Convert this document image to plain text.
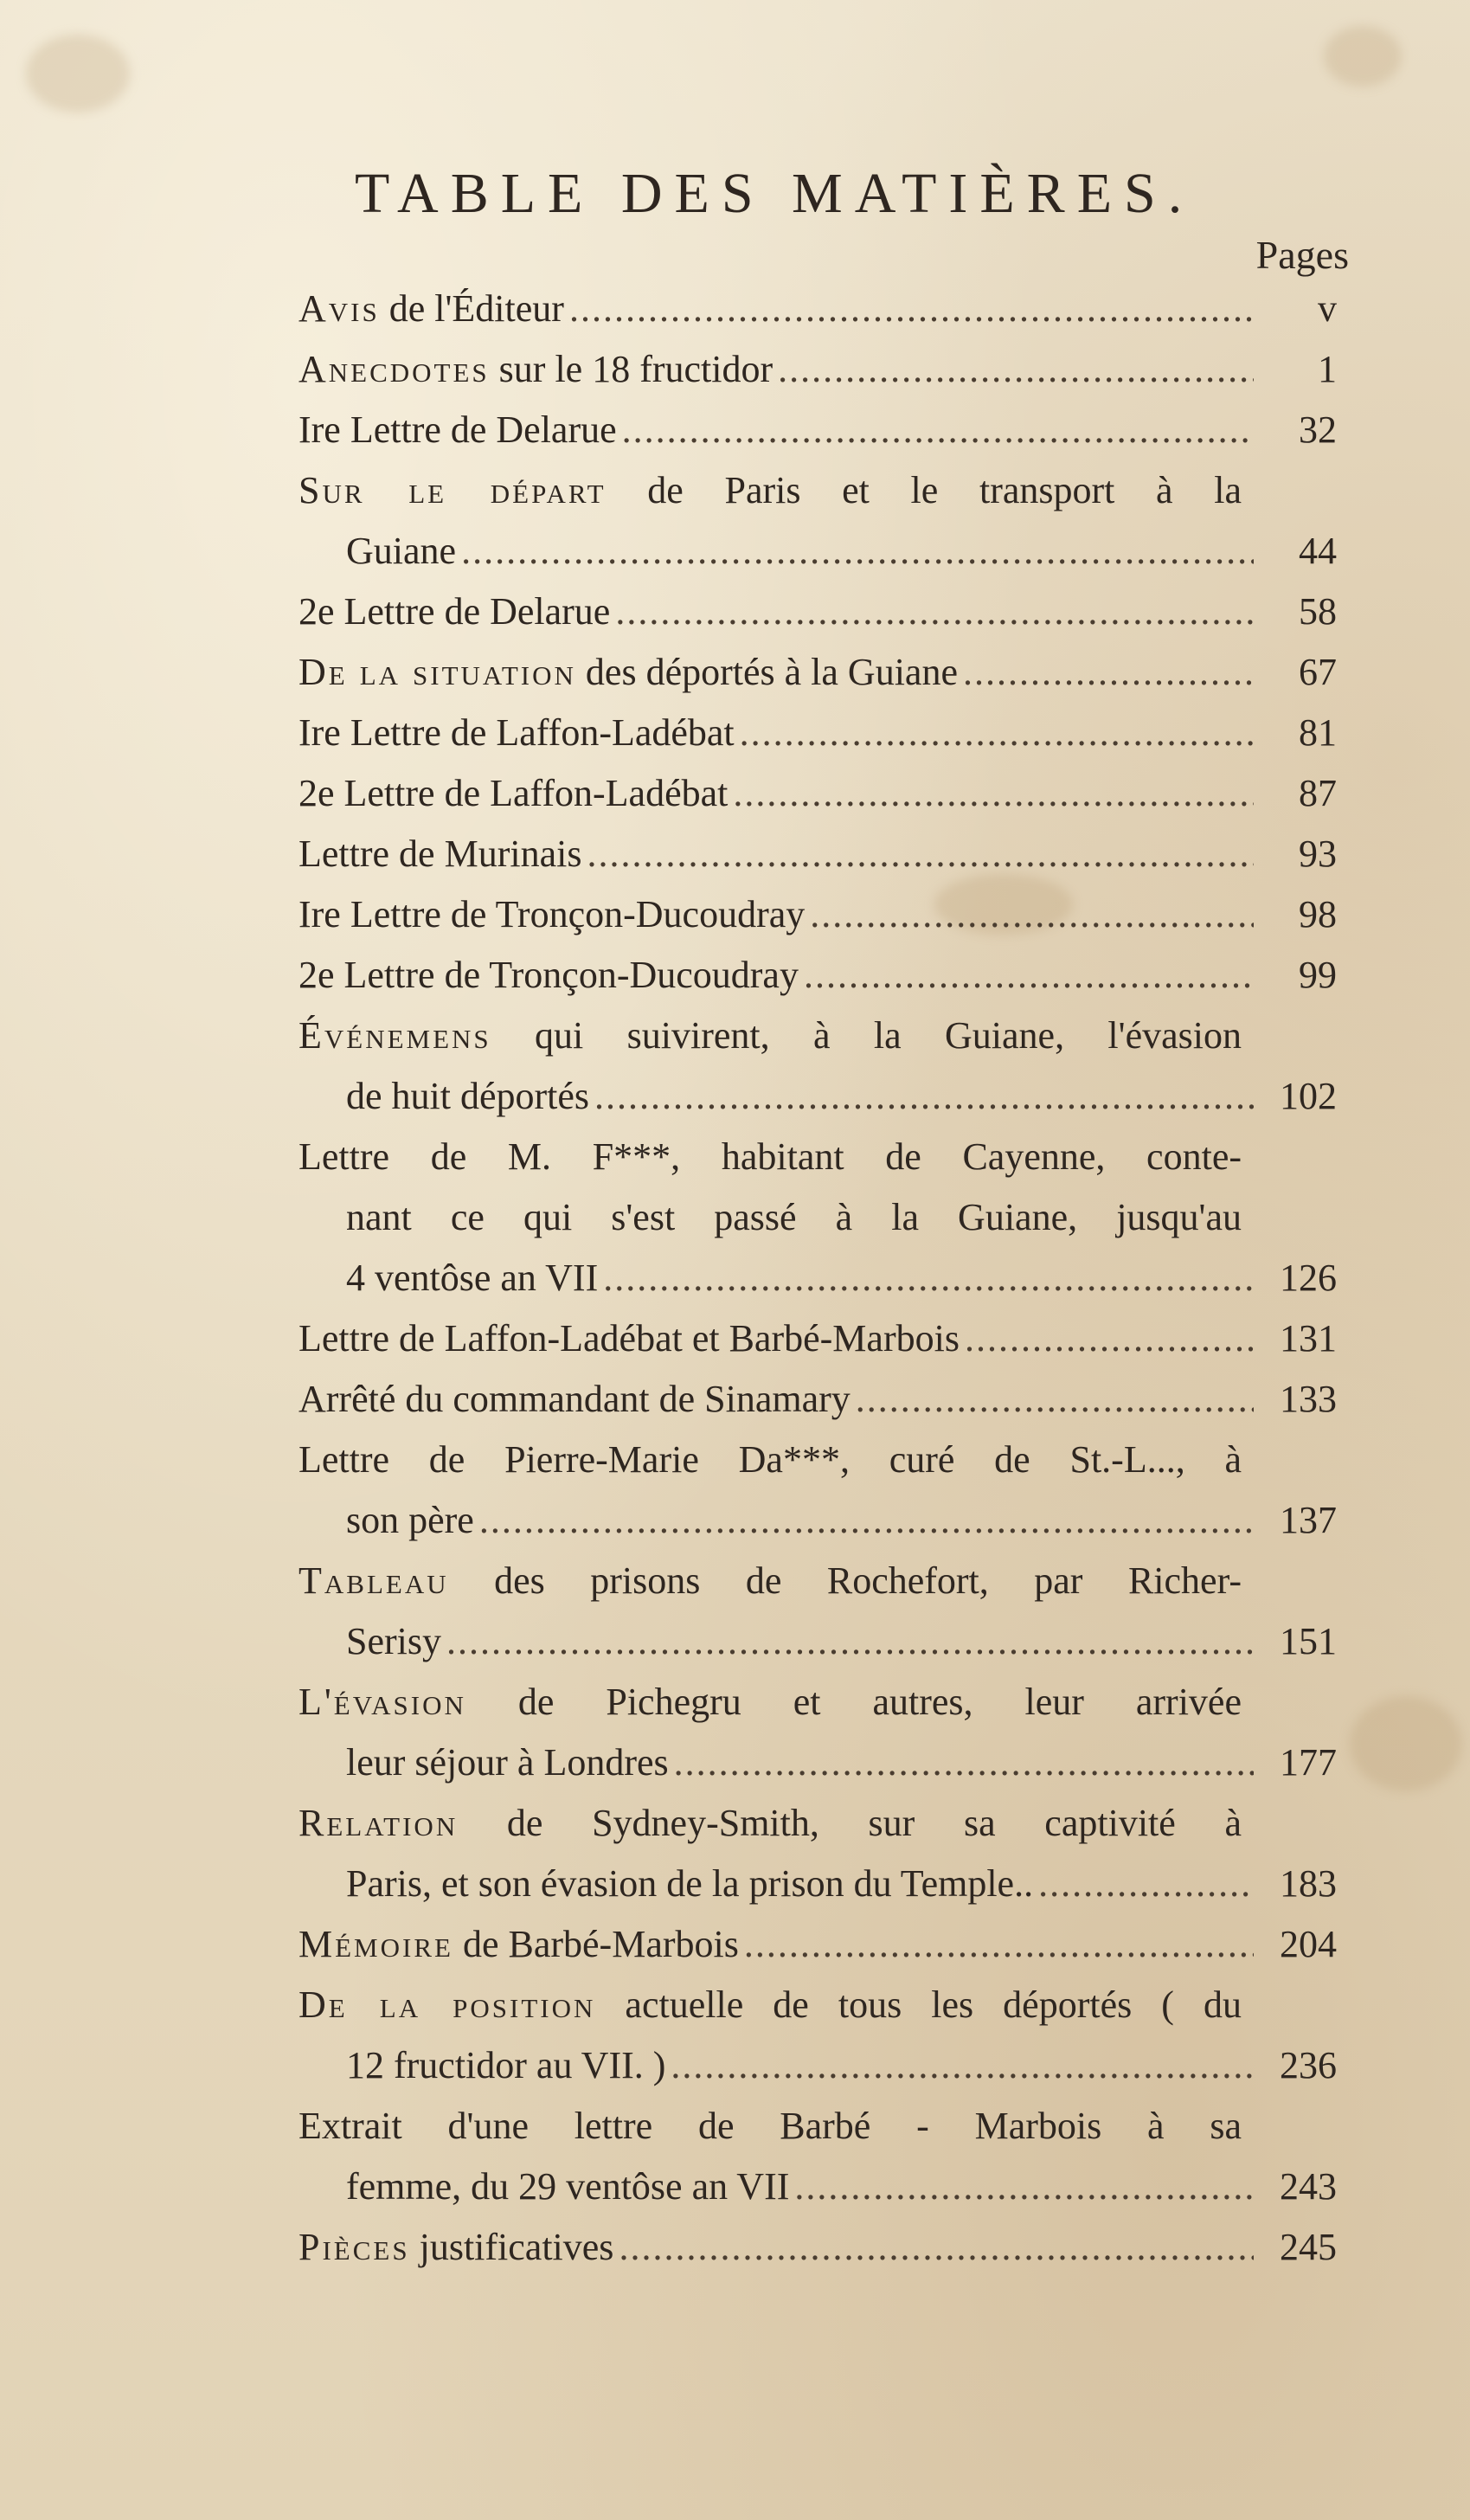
TABLE DES MATIÈRES.
Pages
Avis de l'Éditeur .....	v
Anecdotes sur le 18 fructidor .....	1
Ire Lettre de Delarue .....	32
Sur le départ de Paris et le transport à la
Guiane .....	44
2e Lettre de Delarue .....	58
De la situation des déportés à la Guiane .....	67
Ire Lettre de Laffon-Ladébat .....	81
2e Lettre de Laffon-Ladébat .....	87
Lettre de Murinais .....	93
Ire Lettre de Tronçon-Ducoudray .....	98
2e Lettre de Tronçon-Ducoudray .....	99
Événemens qui suivirent, à la Guiane, l'évasion
de huit déportés .....	102
Lettre de M. F***, habitant de Cayenne, conte-
nant ce qui s'est passé à la Guiane, jusqu'au
4 ventôse an VII .....	126
Lettre de Laffon-Ladébat et Barbé-Marbois .....	131
Arrêté du commandant de Sinamary .....	133
Lettre de Pierre-Marie Da***, curé de St.-L..., à
son père .....	137
Tableau des prisons de Rochefort, par Richer-
Serisy .....	151
L'évasion de Pichegru et autres, leur arrivée
leur séjour à Londres .....	177
Relation de Sydney-Smith, sur sa captivité à
Paris, et son évasion de la prison du Temple.. .....	183
Mémoire de Barbé-Marbois .....	204
De la position actuelle de tous les déportés ( du
12 fructidor au VII. ) .....	236
Extrait d'une lettre de Barbé - Marbois à sa
femme, du 29 ventôse an VII .....	243
Pièces justificatives .....	245
